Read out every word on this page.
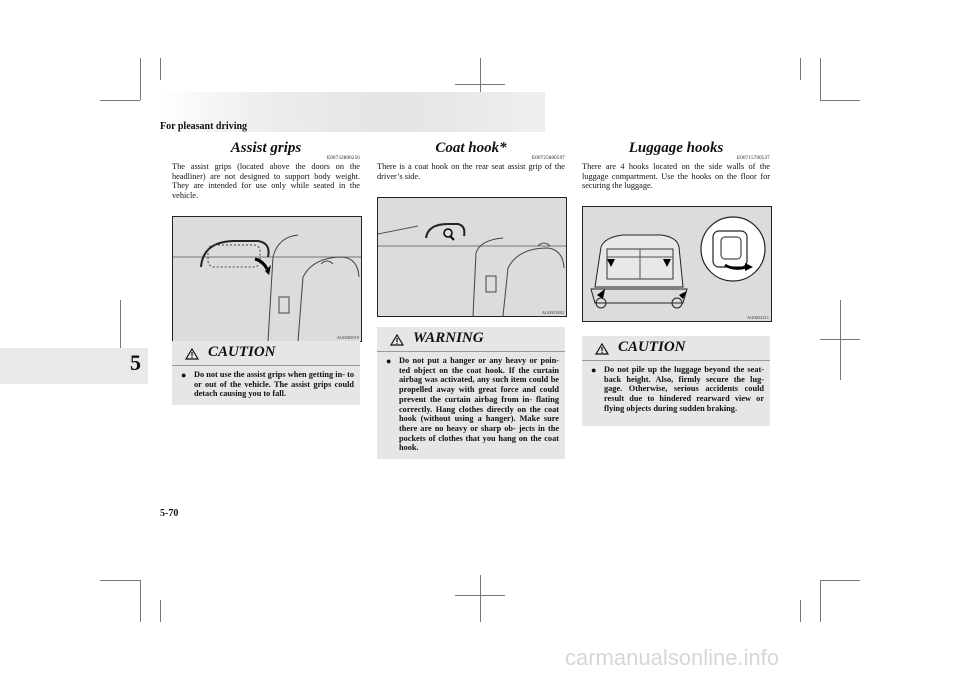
For pleasant driving
5

Assist grips

E00732800256

The assist grips (located above the doors on the headliner) are not designed to support body weight. They are intended for use only while seated in the vehicle.

AG0002019
CAUTION
● Do not use the assist grips when getting in- to or out of the vehicle. The assist grips could detach causing you to fall.

Coat hook*

E00725600597

There is a coat hook on the rear seat assist grip of the driver’s side.

AG0021882
WARNING
● Do not put a hanger or any heavy or poin- ted object on the coat hook. If the curtain airbag was activated, any such item could be propelled away with great force and could prevent the curtain airbag from in- flating correctly. Hang clothes directly on the coat hook (without using a hanger). Make sure there are no heavy or sharp ob- jects in the pockets of clothes that you hang on the coat hook.

Luggage hooks

E00715700537

There are 4 hooks located on the side walls of the luggage compartment. Use the hooks on the floor for securing the luggage.

AG0022211
CAUTION
● Do not pile up the luggage beyond the seat- back height. Also, firmly secure the lug- gage. Otherwise, serious accidents could result due to hindered rearward view or flying objects during sudden braking.
5-70
carmanualsonline.info
